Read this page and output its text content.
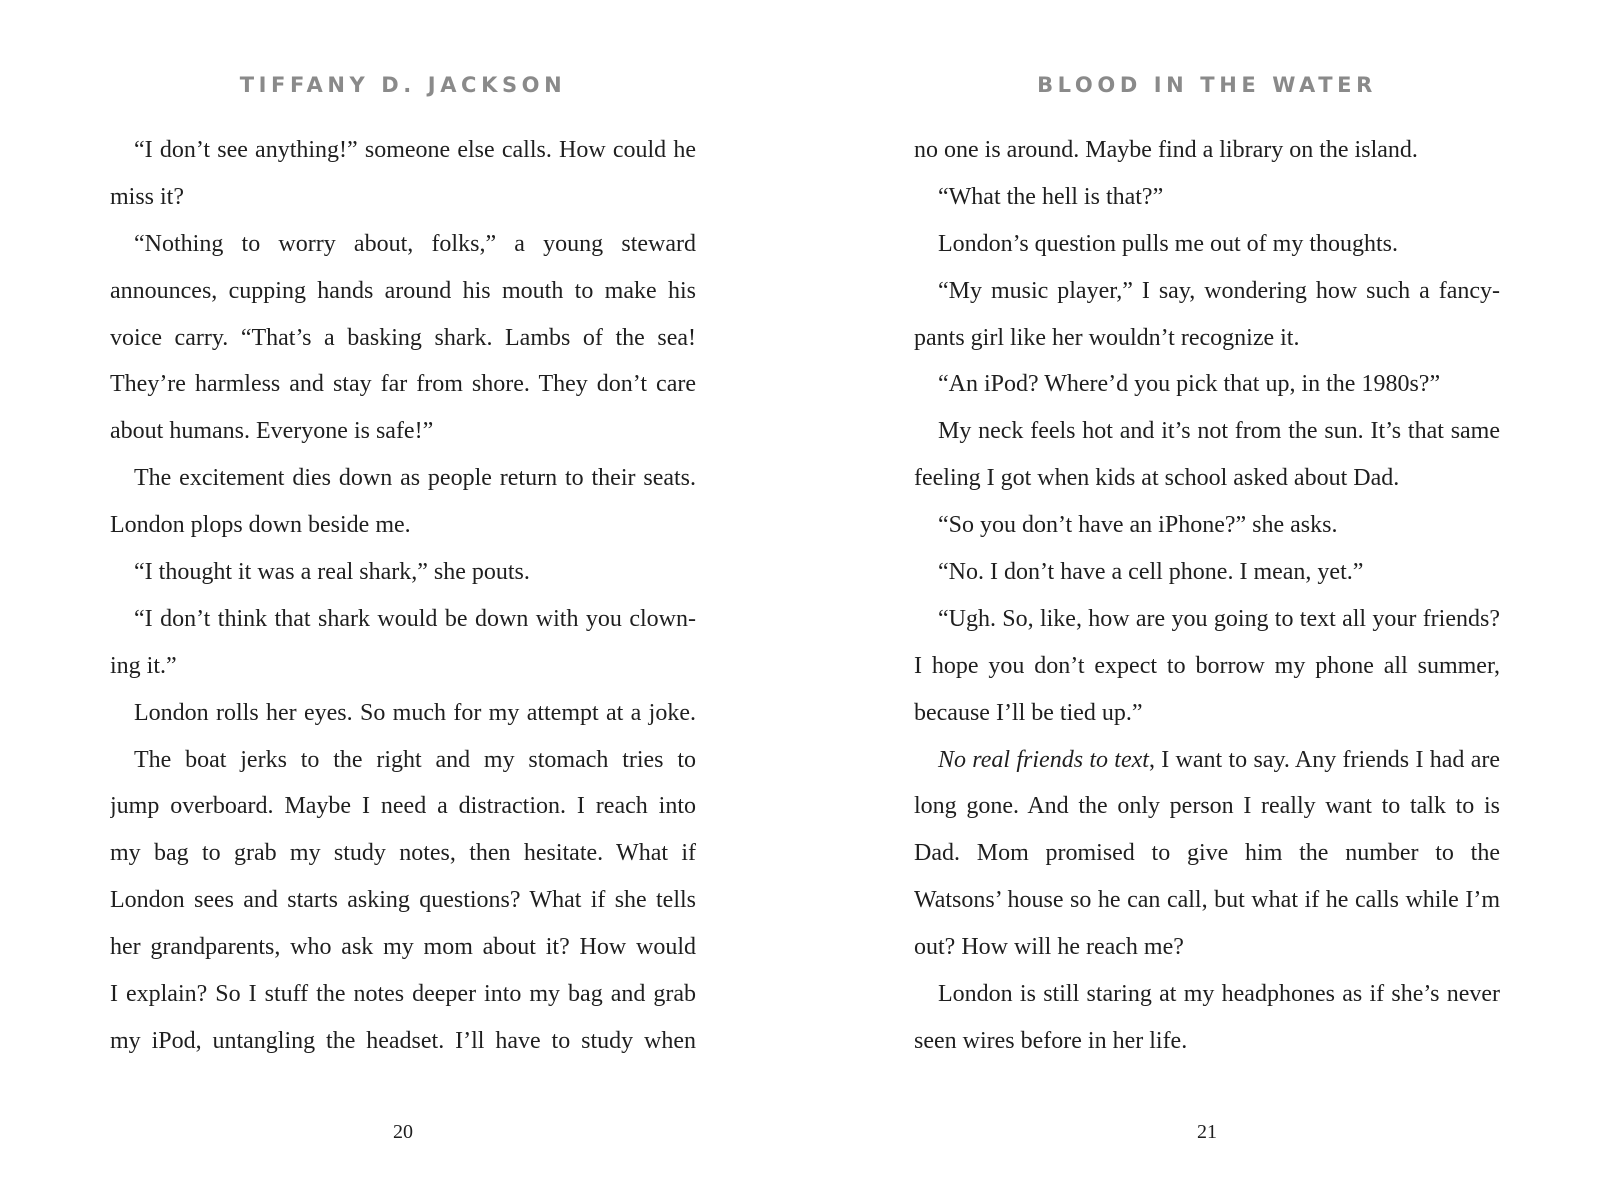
TIFFANY D. JACKSON
“I don’t see anything!” someone else calls. How could he
miss it?
“Nothing to worry about, folks,” a young steward
announces, cupping hands around his mouth to make his
voice carry. “That’s a basking shark. Lambs of the sea!
They’re harmless and stay far from shore. They don’t care
about humans. Everyone is safe!”
The excitement dies down as people return to their seats.
London plops down beside me.
“I thought it was a real shark,” she pouts.
“I don’t think that shark would be down with you clown-
ing it.”
London rolls her eyes. So much for my attempt at a joke.
The boat jerks to the right and my stomach tries to
jump overboard. Maybe I need a distraction. I reach into
my bag to grab my study notes, then hesitate. What if
London sees and starts asking questions? What if she tells
her grandparents, who ask my mom about it? How would
I explain? So I stuff the notes deeper into my bag and grab
my iPod, untangling the headset. I’ll have to study when
20
BLOOD IN THE WATER
no one is around. Maybe find a library on the island.
“What the hell is that?”
London’s question pulls me out of my thoughts.
“My music player,” I say, wondering how such a fancy-
pants girl like her wouldn’t recognize it.
“An iPod? Where’d you pick that up, in the 1980s?”
My neck feels hot and it’s not from the sun. It’s that same
feeling I got when kids at school asked about Dad.
“So you don’t have an iPhone?” she asks.
“No. I don’t have a cell phone. I mean, yet.”
“Ugh. So, like, how are you going to text all your friends?
I hope you don’t expect to borrow my phone all summer,
because I’ll be tied up.”
No real friends to text, I want to say. Any friends I had are
long gone. And the only person I really want to talk to is
Dad. Mom promised to give him the number to the
Watsons’ house so he can call, but what if he calls while I’m
out? How will he reach me?
London is still staring at my headphones as if she’s never
seen wires before in her life.
21
